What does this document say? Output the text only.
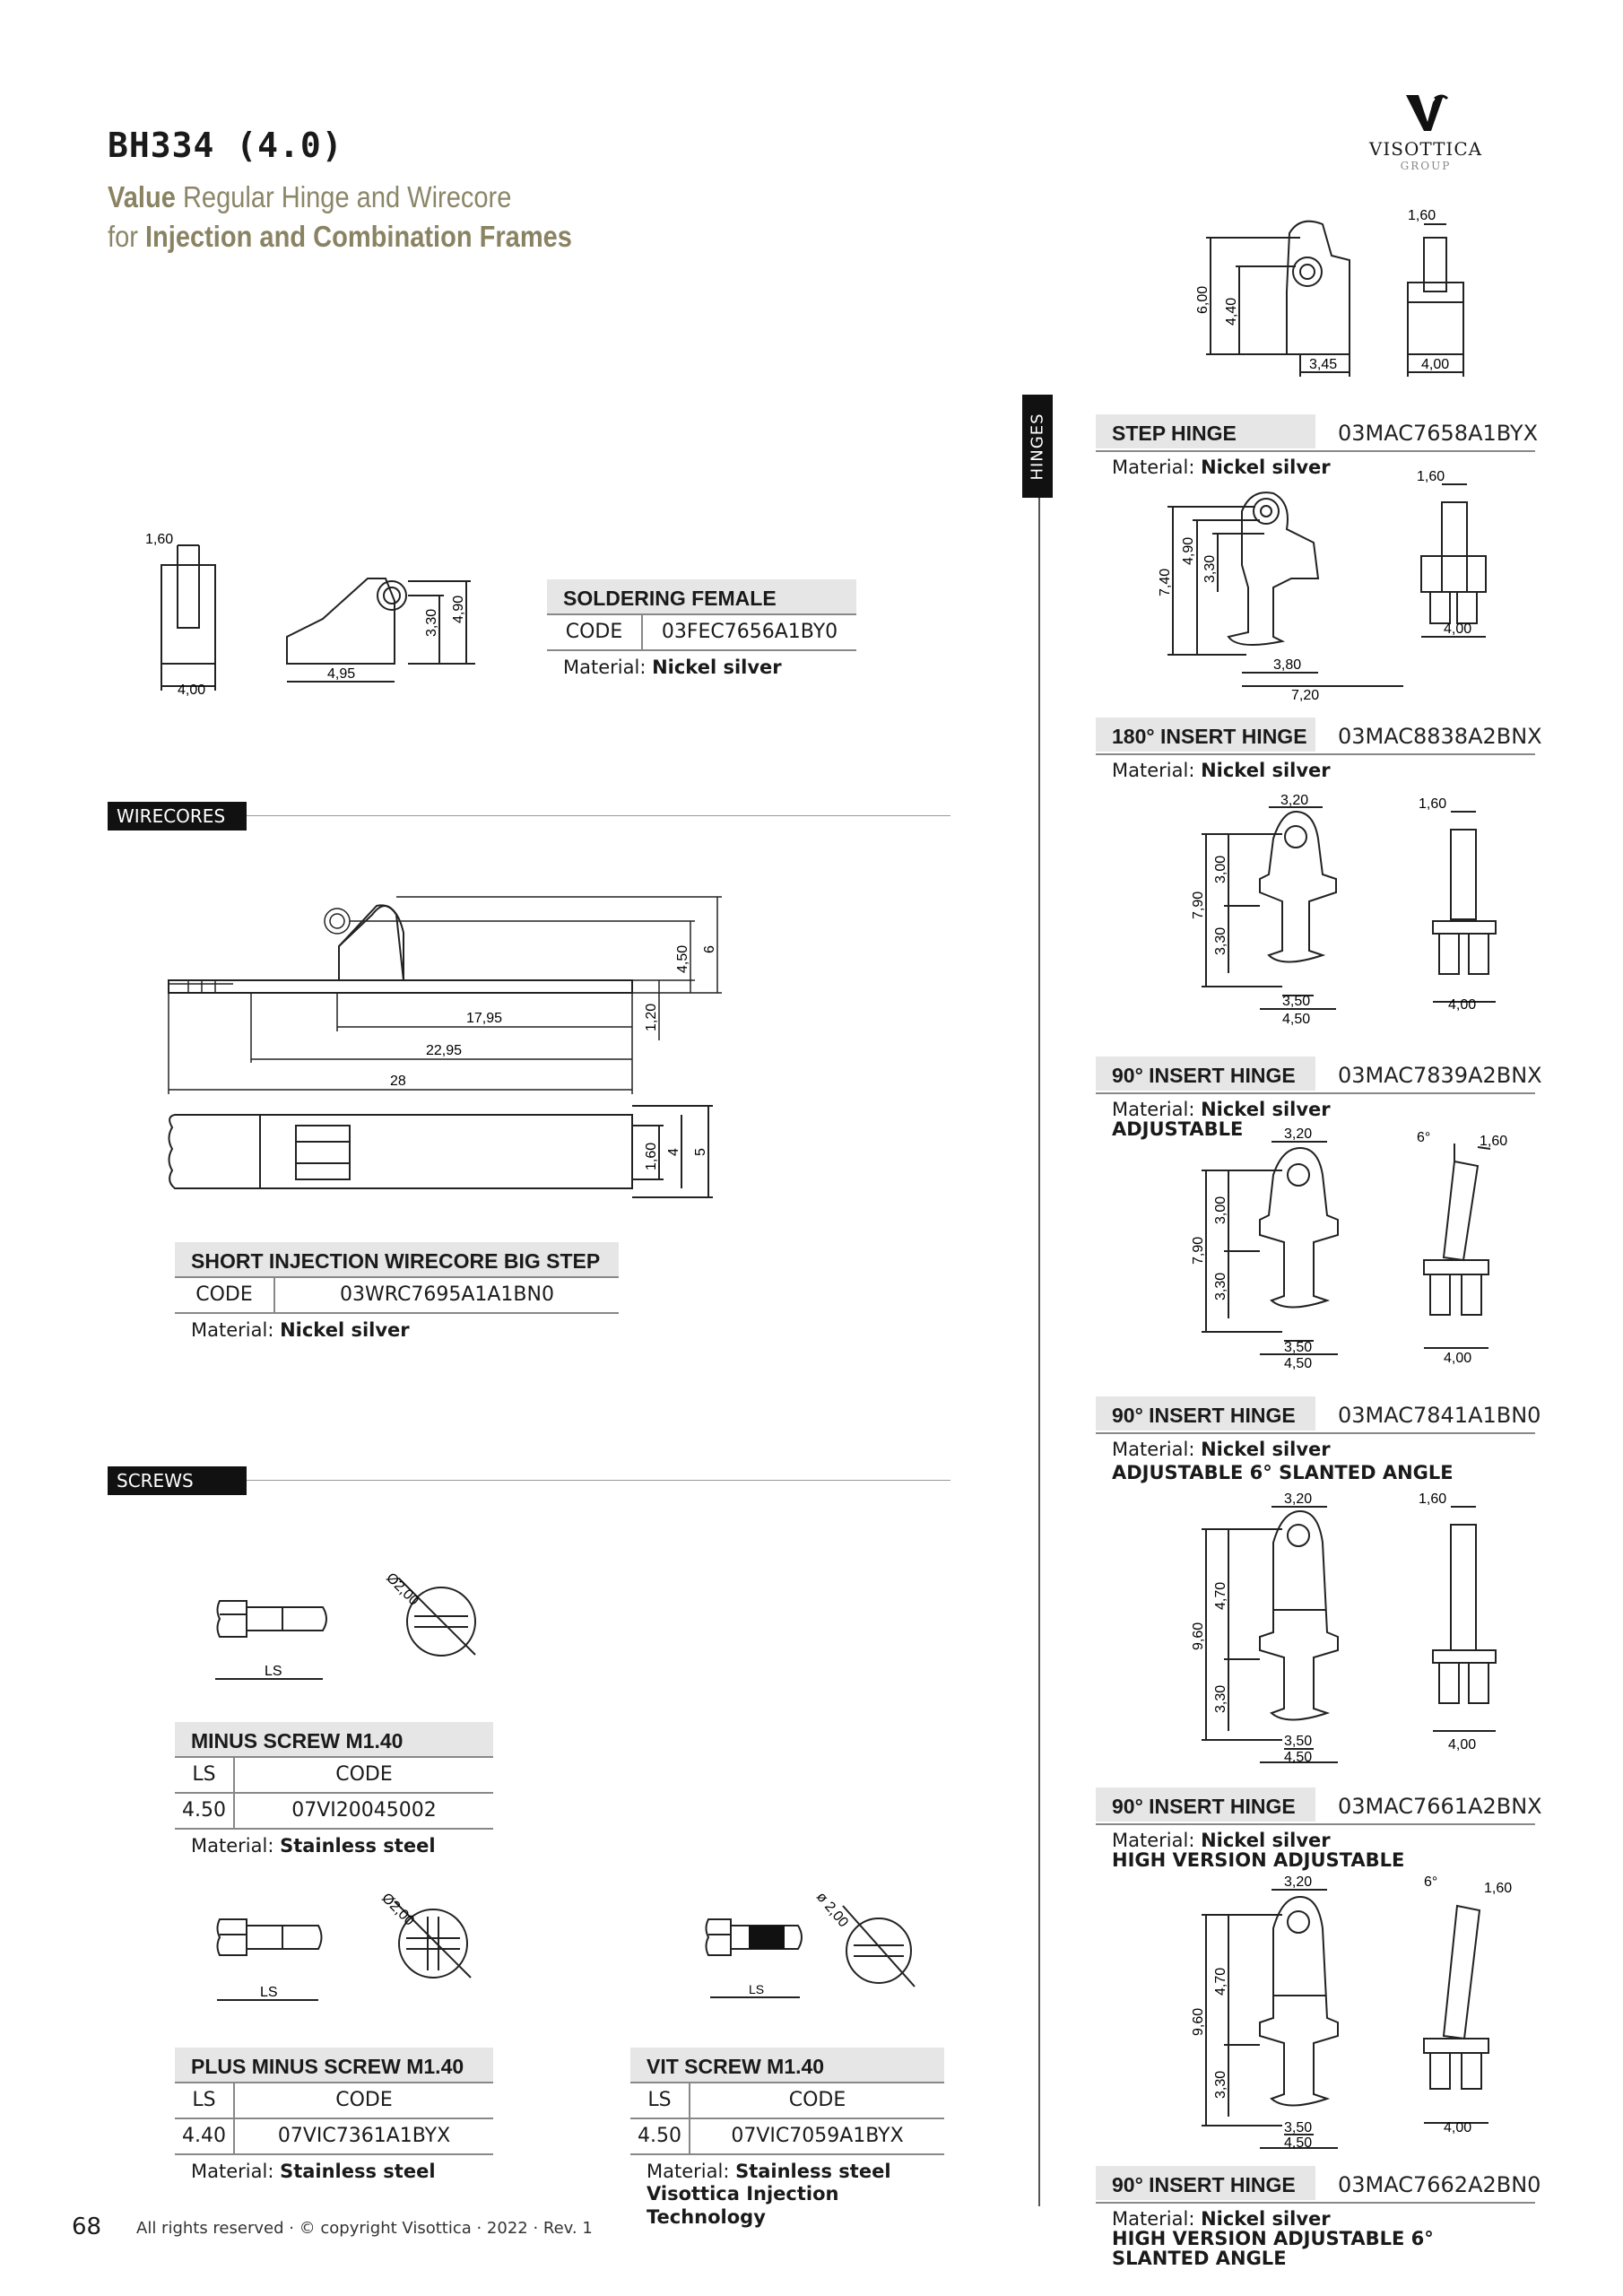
BH334 (4.0)
Value Regular Hinge and Wirecore
for Injection and Combination Frames
VISOTTICA
GROUP
HINGES
1,60
4,00
4,95
3,30 4,90	SOLDERING FEMALE
CODE	03FEC7656A1BY0
Material: Nickel silver
WIRECORES
17,95
22,95
28
4,50 6
1,20
1,60 4 5
SHORT INJECTION WIRECORE BIG STEP
CODE	03WRC7695A1A1BN0
Material: Nickel silver
SCREWS
LS
Ø2,00
MINUS SCREW M1.40
LS	CODE
4.50	07VI20045002
Material: Stainless steel
LS
Ø2,00
PLUS MINUS SCREW M1.40
LS	CODE
4.40	07VIC7361A1BYX
Material: Stainless steel
LS
ø 2,00
VIT SCREW M1.40
LS	CODE
4.50	07VIC7059A1BYX
Material: Stainless steel
Visottica Injection Technology
1,60
6,00 4,40
3,45	4,00
STEP HINGE	03MAC7658A1BYX
Material: Nickel silver	1,60
7,40
4,90
3,30
3,80
7,20
4,00
180° INSERT HINGE	03MAC8838A2BNX
Material: Nickel silver
3,20	1,60
7,90
3,00
3,30
3,50
4,50
4,00
90° INSERT HINGE	03MAC7839A2BNX
Material: Nickel silver
ADJUSTABLE	3,20	6°	1,60
7,90
3,00
3,30
3,50
4,50	4,00
90° INSERT HINGE	03MAC7841A1BN0
Material: Nickel silver
ADJUSTABLE 6° SLANTED ANGLE
3,20	1,60
9,60
4,70
3,30
3,50
4,50
4,00
90° INSERT HINGE	03MAC7661A2BNX
Material: Nickel silver
HIGH VERSION ADJUSTABLE
3,20	6°	1,60
9,60
4,70
3,30
3,50
4,50
4,00
90° INSERT HINGE	03MAC7662A2BN0
Material: Nickel silver
HIGH VERSION ADJUSTABLE 6° SLANTED ANGLE
68 All rights reserved · © copyright Visottica · 2022 · Rev. 1
